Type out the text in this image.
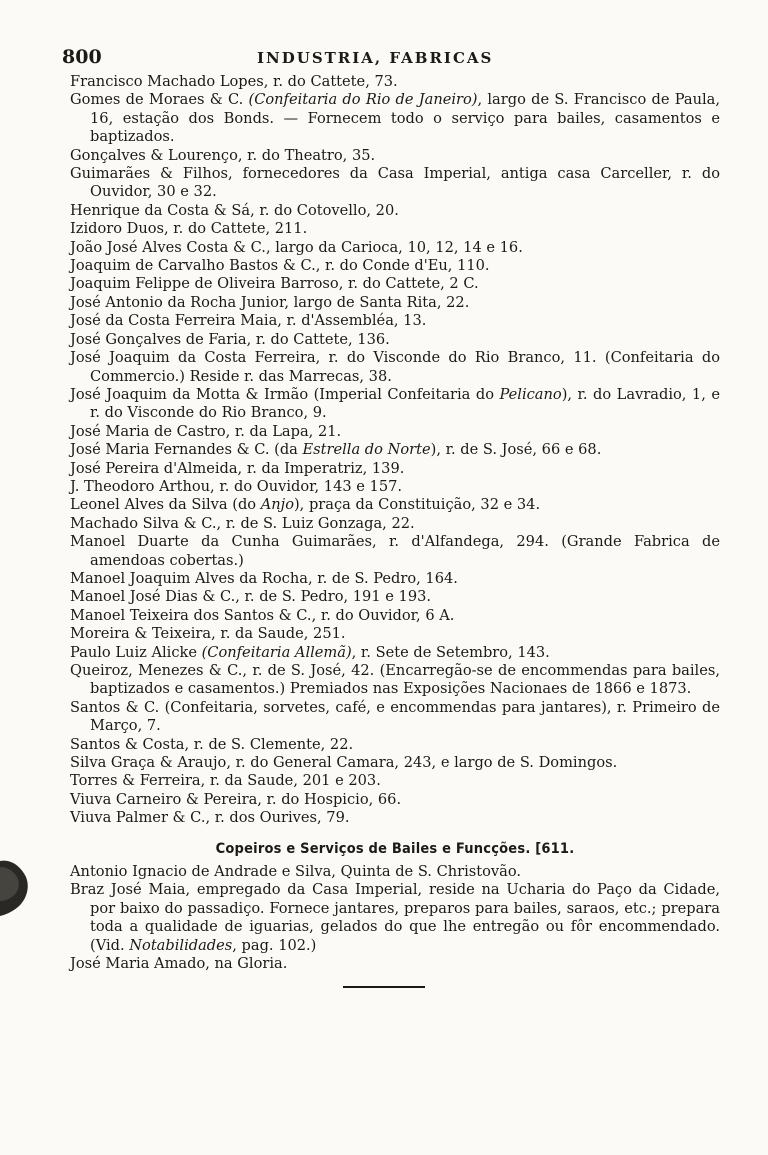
800	INDUSTRIA, FABRICAS
Francisco Machado Lopes, r. do Cattete, 73.
Gomes de Moraes & C. (Confeitaria do Rio de Janeiro), largo de S. Francisco de Paula, 16, estação dos Bonds. — Fornecem todo o serviço para bailes, casamentos e baptizados.
Gonçalves & Lourenço, r. do Theatro, 35.
Guimarães & Filhos, fornecedores da Casa Imperial, antiga casa Carceller, r. do Ouvidor, 30 e 32.
Henrique da Costa & Sá, r. do Cotovello, 20.
Izidoro Duos, r. do Cattete, 211.
João José Alves Costa & C., largo da Carioca, 10, 12, 14 e 16.
Joaquim de Carvalho Bastos & C., r. do Conde d'Eu, 110.
Joaquim Felippe de Oliveira Barroso, r. do Cattete, 2 C.
José Antonio da Rocha Junior, largo de Santa Rita, 22.
José da Costa Ferreira Maia, r. d'Assembléa, 13.
José Gonçalves de Faria, r. do Cattete, 136.
José Joaquim da Costa Ferreira, r. do Visconde do Rio Branco, 11. (Confeitaria do Commercio.) Reside r. das Marrecas, 38.
José Joaquim da Motta & Irmão (Imperial Confeitaria do Pelicano), r. do Lavradio, 1, e r. do Visconde do Rio Branco, 9.
José Maria de Castro, r. da Lapa, 21.
José Maria Fernandes & C. (da Estrella do Norte), r. de S. José, 66 e 68.
José Pereira d'Almeida, r. da Imperatriz, 139.
J. Theodoro Arthou, r. do Ouvidor, 143 e 157.
Leonel Alves da Silva (do Anjo), praça da Constituição, 32 e 34.
Machado Silva & C., r. de S. Luiz Gonzaga, 22.
Manoel Duarte da Cunha Guimarães, r. d'Alfandega, 294. (Grande Fabrica de amendoas cobertas.)
Manoel Joaquim Alves da Rocha, r. de S. Pedro, 164.
Manoel José Dias & C., r. de S. Pedro, 191 e 193.
Manoel Teixeira dos Santos & C., r. do Ouvidor, 6 A.
Moreira & Teixeira, r. da Saude, 251.
Paulo Luiz Alicke (Confeitaria Allemã), r. Sete de Setembro, 143.
Queiroz, Menezes & C., r. de S. José, 42. (Encarregão-se de encommendas para bailes, baptizados e casamentos.) Premiados nas Exposições Nacionaes de 1866 e 1873.
Santos & C. (Confeitaria, sorvetes, café, e encommendas para jantares), r. Primeiro de Março, 7.
Santos & Costa, r. de S. Clemente, 22.
Silva Graça & Araujo, r. do General Camara, 243, e largo de S. Domingos.
Torres & Ferreira, r. da Saude, 201 e 203.
Viuva Carneiro & Pereira, r. do Hospicio, 66.
Viuva Palmer & C., r. dos Ourives, 79.
Copeiros e Serviços de Bailes e Funcções. [611.
Antonio Ignacio de Andrade e Silva, Quinta de S. Christovão.
Braz José Maia, empregado da Casa Imperial, reside na Ucharia do Paço da Cidade, por baixo do passadiço. Fornece jantares, preparos para bailes, saraos, etc.; prepara toda a qualidade de iguarias, gelados do que lhe entregão ou fôr encommendado. (Vid. Notabilidades, pag. 102.)
José Maria Amado, na Gloria.
